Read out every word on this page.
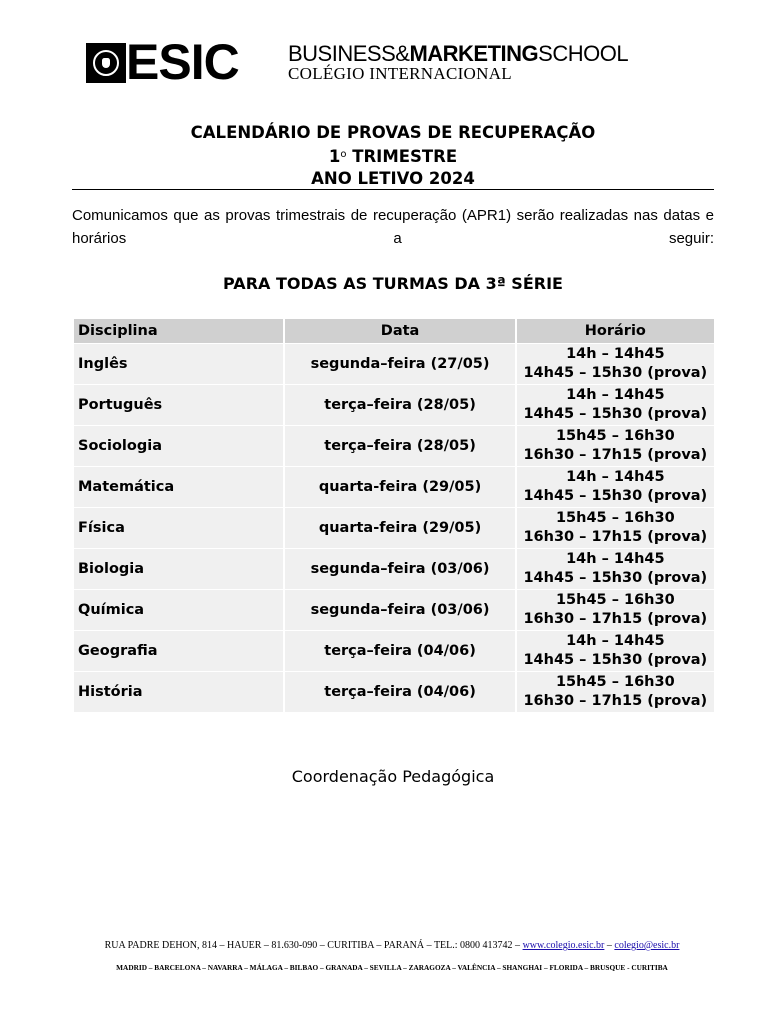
ESIC BUSINESS&MARKETINGSCHOOL
COLÉGIO INTERNACIONAL
CALENDÁRIO DE PROVAS DE RECUPERAÇÃO
1$^o$ TRIMESTRE
ANO LETIVO 2024
Comunicamos que as provas trimestrais de recuperação (APR1) serão realizadas nas datas e horários a seguir:
PARA TODAS AS TURMAS DA 3ª SÉRIE
Disciplina	Data	Horário
Inglês	segunda–feira (27/05)	14h – 14h45
14h45 – 15h30 (prova)

Português	terça–feira (28/05)	14h – 14h45
14h45 – 15h30 (prova)

Sociologia	terça–feira (28/05)	15h45 – 16h30
16h30 – 17h15 (prova)

Matemática	quarta-feira (29/05)	14h – 14h45
14h45 – 15h30 (prova)

Física	quarta-feira (29/05)	15h45 – 16h30
16h30 – 17h15 (prova)

Biologia	segunda–feira (03/06)	14h – 14h45
14h45 – 15h30 (prova)

Química	segunda–feira (03/06)	15h45 – 16h30
16h30 – 17h15 (prova)

Geografia	terça–feira (04/06)	14h – 14h45
14h45 – 15h30 (prova)

História	terça–feira (04/06)	15h45 – 16h30
16h30 – 17h15 (prova)
Coordenação Pedagógica
RUA PADRE DEHON, 814 – HAUER – 81.630-090 – CURITIBA – PARANÁ – TEL.: 0800 413742 – www.colegio.esic.br – colegio@esic.br
MADRID – BARCELONA – NAVARRA – MÁLAGA – BILBAO – GRANADA – SEVILLA – ZARAGOZA – VALÊNCIA – SHANGHAI – FLORIDA – BRUSQUE - CURITIBA
